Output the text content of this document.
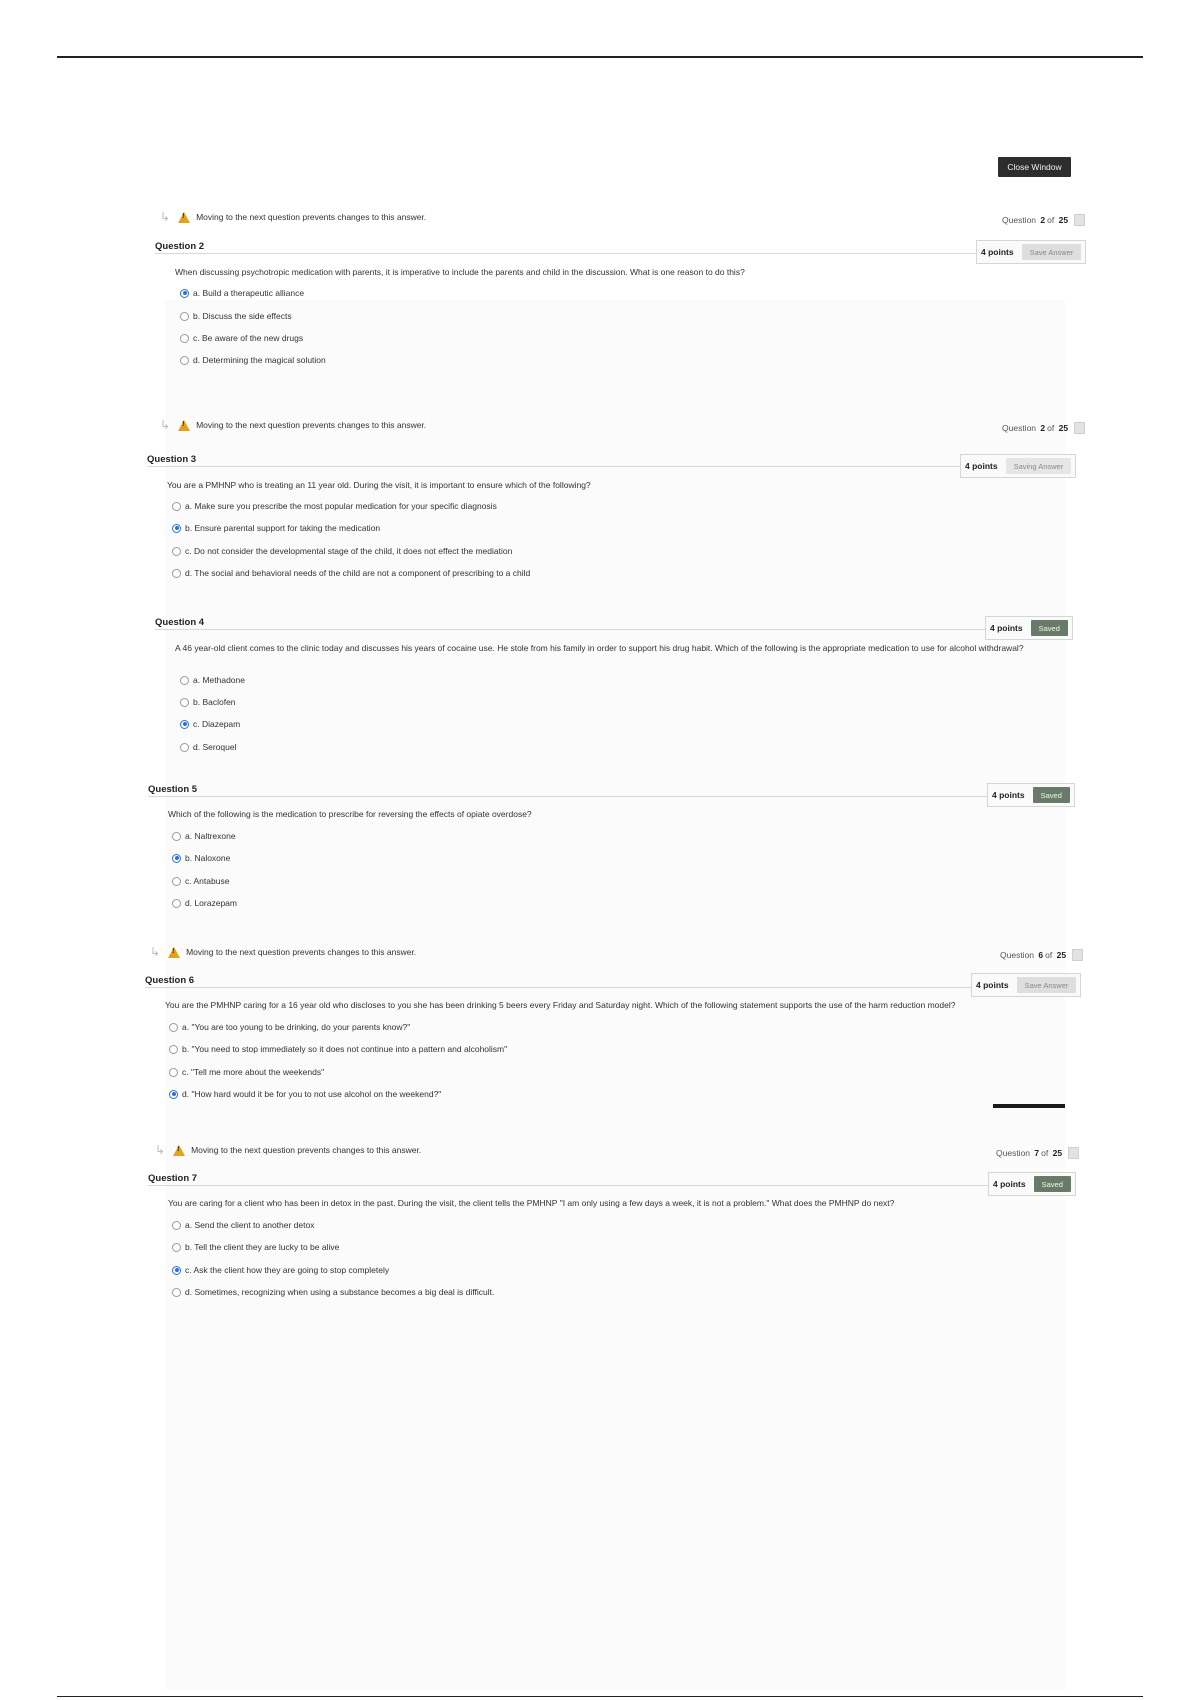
Close Window
↳ !	Moving to the next question prevents changes to this answer.	Question
2 of
25
Question 2	4 points	Save Answer
When discussing psychotropic medication with parents, it is imperative to include the parents and child in the discussion. What is one reason to do this?
a. Build a therapeutic alliance
b. Discuss the side effects
c. Be aware of the new drugs
d. Determining the magical solution
↳ !	Moving to the next question prevents changes to this answer.	Question
2 of
25
Question 3
4 points	Saving Answer
You are a PMHNP who is treating an 11 year old. During the visit, it is important to ensure which of the following?
a. Make sure you prescribe the most popular medication for your specific diagnosis
b. Ensure parental support for taking the medication
c. Do not consider the developmental stage of the child, it does not effect the mediation
d. The social and behavioral needs of the child are not a component of prescribing to a child
Question 4	4 points	Saved
A 46 year-old client comes to the clinic today and discusses his years of cocaine use. He stole from his family in order to support his drug habit. Which of the following is the appropriate medication to use for alcohol withdrawal?
a. Methadone
b. Baclofen
c. Diazepam
d. Seroquel
Question 5	4 points	Saved
Which of the following is the medication to prescribe for reversing the effects of opiate overdose?
a. Naltrexone
b. Naloxone
c. Antabuse
d. Lorazepam
↳ !	Moving to the next question prevents changes to this answer.	Question
6 of
25
Question 6	4 points	Save Answer
You are the PMHNP caring for a 16 year old who discloses to you she has been drinking 5 beers every Friday and Saturday night. Which of the following statement supports the use of the harm reduction model?
a. "You are too young to be drinking, do your parents know?"
b. "You need to stop immediately so it does not continue into a pattern and alcoholism"
c. "Tell me more about the weekends"
d. "How hard would it be for you to not use alcohol on the weekend?"
↳ !	Moving to the next question prevents changes to this answer.	Question
7 of
25
Question 7	4 points	Saved
You are caring for a client who has been in detox in the past. During the visit, the client tells the PMHNP "I am only using a few days a week, it is not a problem." What does the PMHNP do next?
a. Send the client to another detox
b. Tell the client they are lucky to be alive
c. Ask the client how they are going to stop completely
d. Sometimes, recognizing when using a substance becomes a big deal is difficult.
